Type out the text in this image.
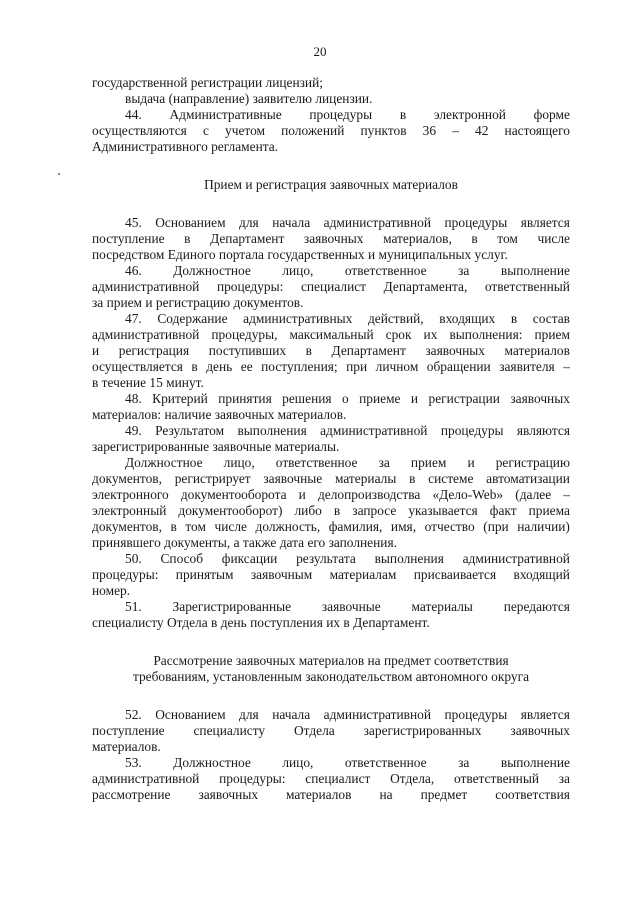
20
государственной регистрации лицензий;
выдача (направление) заявителю лицензии.
44. Административные процедуры в электронной форме
осуществляются с учетом положений пунктов 36 – 42 настоящего
Административного регламента.
Прием и регистрация заявочных материалов
45. Основанием для начала административной процедуры является
поступление в Департамент заявочных материалов, в том числе
посредством Единого портала государственных и муниципальных услуг.
46. Должностное лицо, ответственное за выполнение
административной процедуры: специалист Департамента, ответственный
за прием и регистрацию документов.
47. Содержание административных действий, входящих в состав
административной процедуры, максимальный срок их выполнения: прием
и регистрация поступивших в Департамент заявочных материалов
осуществляется в день ее поступления; при личном обращении заявителя –
в течение 15 минут.
48. Критерий принятия решения о приеме и регистрации заявочных
материалов: наличие заявочных материалов.
49. Результатом выполнения административной процедуры являются
зарегистрированные заявочные материалы.
Должностное лицо, ответственное за прием и регистрацию
документов, регистрирует заявочные материалы в системе автоматизации
электронного документооборота и делопроизводства «Дело-Web» (далее –
электронный документооборот) либо в запросе указывается факт приема
документов, в том числе должность, фамилия, имя, отчество (при наличии)
принявшего документы, а также дата его заполнения.
50. Способ фиксации результата выполнения административной
процедуры: принятым заявочным материалам присваивается входящий
номер.
51. Зарегистрированные заявочные материалы передаются
специалисту Отдела в день поступления их в Департамент.
Рассмотрение заявочных материалов на предмет соответствия
требованиям, установленным законодательством автономного округа
52. Основанием для начала административной процедуры является
поступление специалисту Отдела зарегистрированных заявочных
материалов.
53. Должностное лицо, ответственное за выполнение
административной процедуры: специалист Отдела, ответственный за
рассмотрение заявочных материалов на предмет соответствия
